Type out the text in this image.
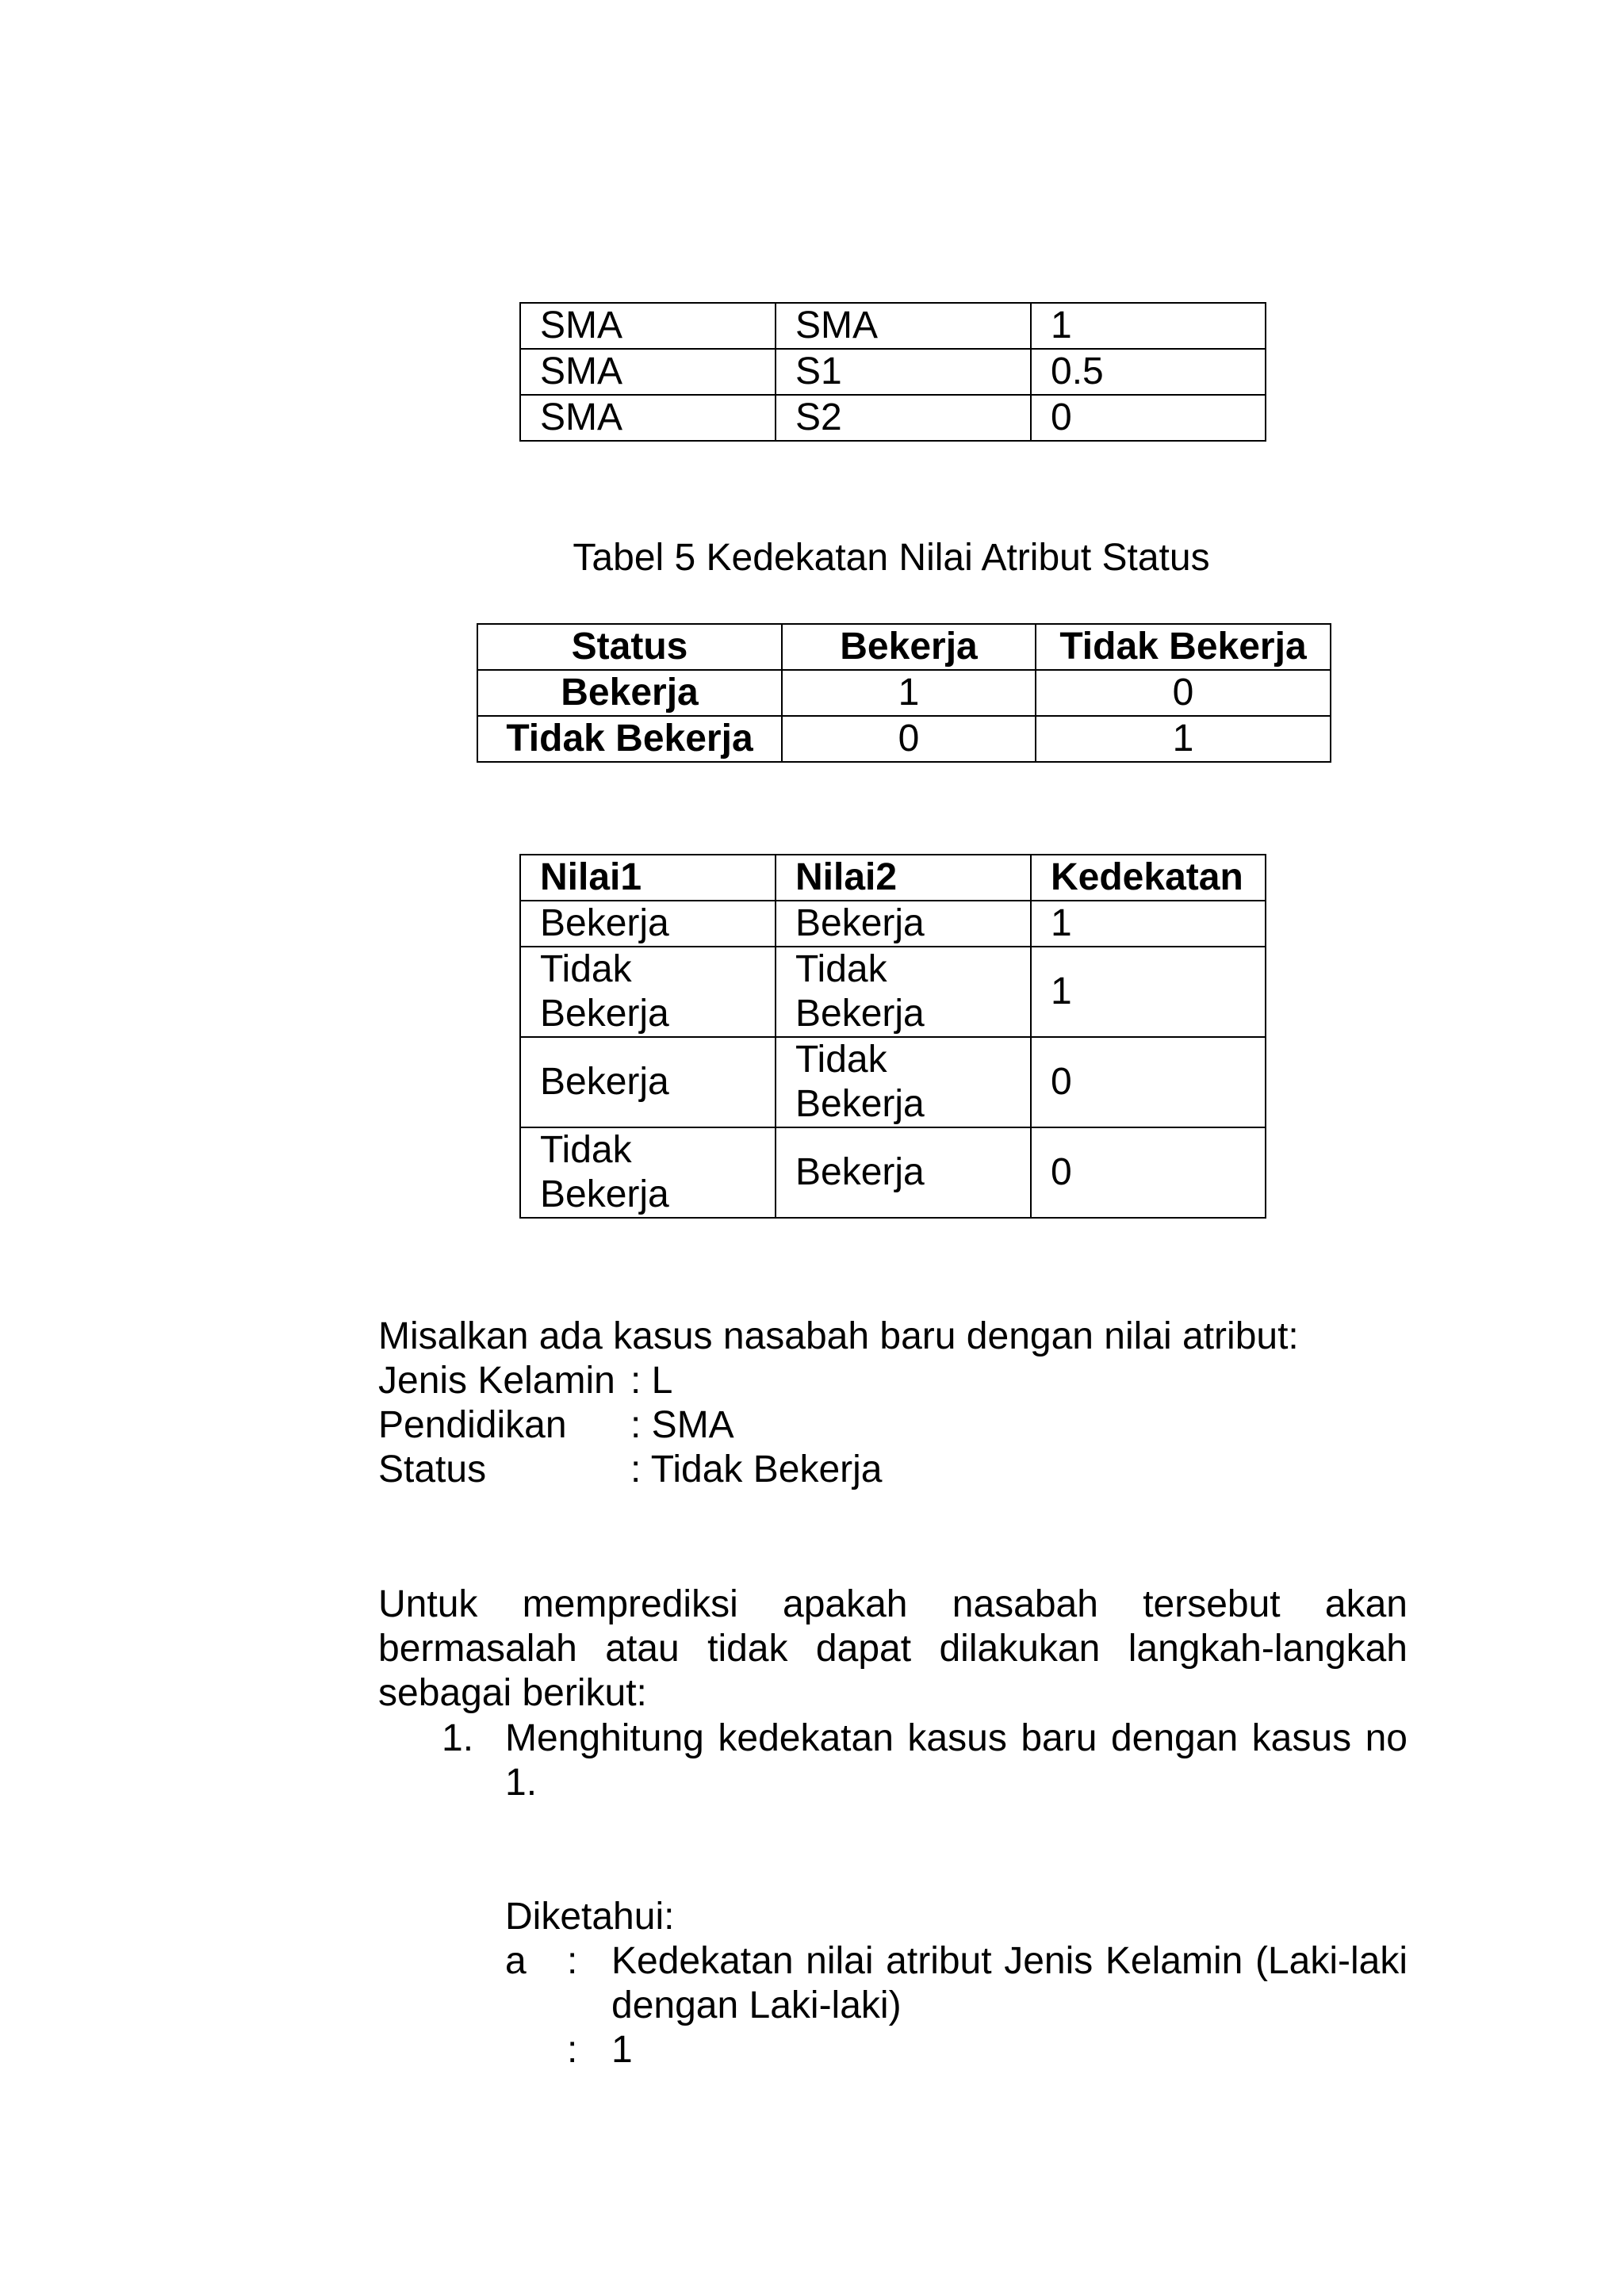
SMA	SMA	1
SMA	S1	0.5
SMA	S2	0
Tabel 5 Kedekatan Nilai Atribut Status
Status	Bekerja	Tidak Bekerja
Bekerja	1	0
Tidak Bekerja	0	1
Nilai1	Nilai2	Kedekatan
Bekerja	Bekerja	1
Tidak Bekerja	Tidak Bekerja	1
Bekerja	Tidak Bekerja	0
Tidak Bekerja	Bekerja	0
Misalkan ada kasus nasabah baru dengan nilai atribut:
Jenis Kelamin : L
Pendidikan : SMA
Status	: Tidak Bekerja
Untuk memprediksi apakah nasabah tersebut akan bermasalah atau tidak dapat dilakukan langkah-langkah sebagai berikut:
1. Menghitung kedekatan kasus baru dengan kasus no 1.
Diketahui:
a : Kedekatan nilai atribut Jenis Kelamin (Laki-laki dengan Laki-laki)
: 1
